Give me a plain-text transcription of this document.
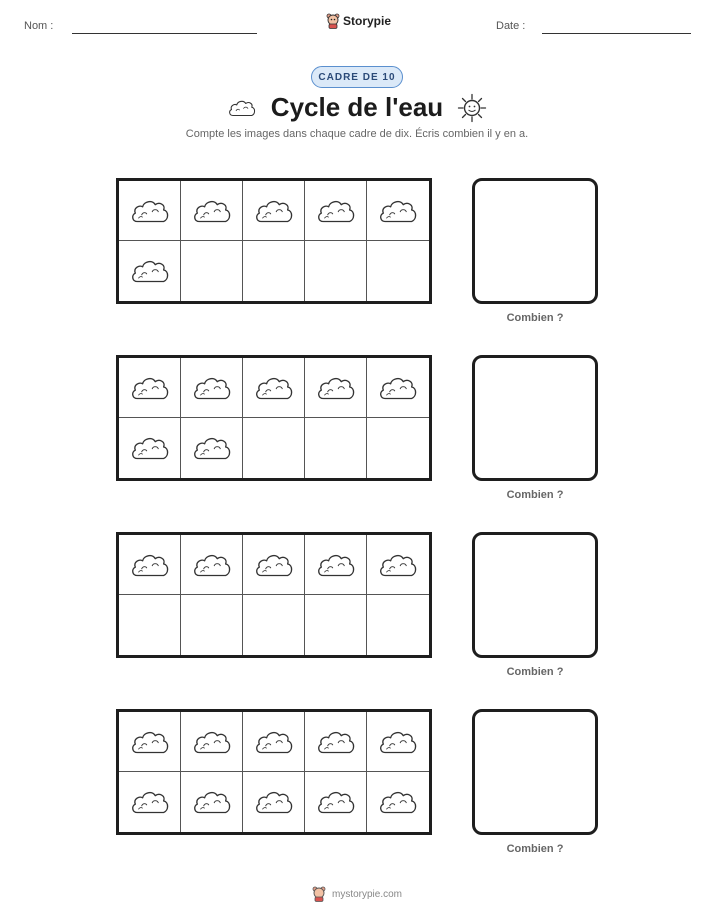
Nom :	Storypie	Date :
CADRE DE 10
Cycle de l'eau
Compte les images dans chaque cadre de dix. Écris combien il y en a.
Combien ?
Combien ?
Combien ?
Combien ?
mystorypie.com
